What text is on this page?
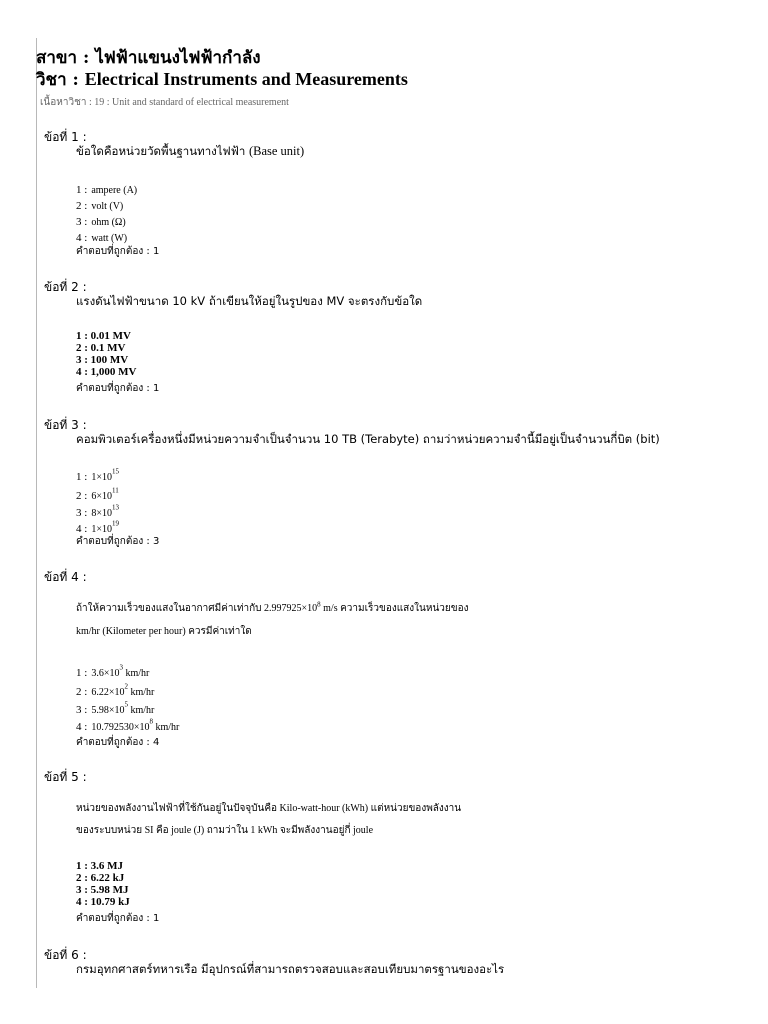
สาขา : ไฟฟ้าแขนงไฟฟ้ากำลัง
วิชา : Electrical Instruments and Measurements
เนื้อหาวิชา : 19 : Unit and standard of electrical measurement
ข้อที่ 1 :
ข้อใดคือหน่วยวัดพื้นฐานทางไฟฟ้า (Base unit)
1 : ampere (A)
2 : volt (V)
3 : ohm (Ω)
4 : watt (W)
คำตอบที่ถูกต้อง : 1
ข้อที่ 2 :
แรงดันไฟฟ้าขนาด 10 kV ถ้าเขียนให้อยู่ในรูปของ MV จะตรงกับข้อใด
1 : 0.01 MV
2 : 0.1 MV
3 : 100 MV
4 : 1,000 MV
คำตอบที่ถูกต้อง : 1
ข้อที่ 3 :
คอมพิวเตอร์เครื่องหนึ่งมีหน่วยความจำเป็นจำนวน 10 TB (Terabyte) ถามว่าหน่วยความจำนี้มีอยู่เป็นจำนวนกี่บิต (bit)
1 : $1\times 10^{15}$
2 : $6\times 10^{11}$
3 : $8\times 10^{13}$
4 : $1\times 10^{19}$
คำตอบที่ถูกต้อง : 3
ข้อที่ 4 :
ถ้าให้ความเร็วของแสงในอากาศมีค่าเท่ากับ $2.997925\times 10^8$ m/s ความเร็วของแสงในหน่วยของ
km/hr (Kilometer per hour) ควรมีค่าเท่าใด
1 : $3.6\times 10^3$ km/hr
2 : $6.22\times 10^2$ km/hr
3 : $5.98\times 10^5$ km/hr
4 : $10.792530\times 10^8$ km/hr
คำตอบที่ถูกต้อง : 4
ข้อที่ 5 :
หน่วยของพลังงานไฟฟ้าที่ใช้กันอยู่ในปัจจุบันคือ Kilo-watt-hour (kWh) แต่หน่วยของพลังงาน
ของระบบหน่วย SI คือ joule (J) ถามว่าใน 1 kWh จะมีพลังงานอยู่กี่ joule
1 : 3.6 MJ
2 : 6.22 kJ
3 : 5.98 MJ
4 : 10.79 kJ
คำตอบที่ถูกต้อง : 1
ข้อที่ 6 :
กรมอุทกศาสตร์ทหารเรือ มีอุปกรณ์ที่สามารถตรวจสอบและสอบเทียบมาตรฐานของอะไร
